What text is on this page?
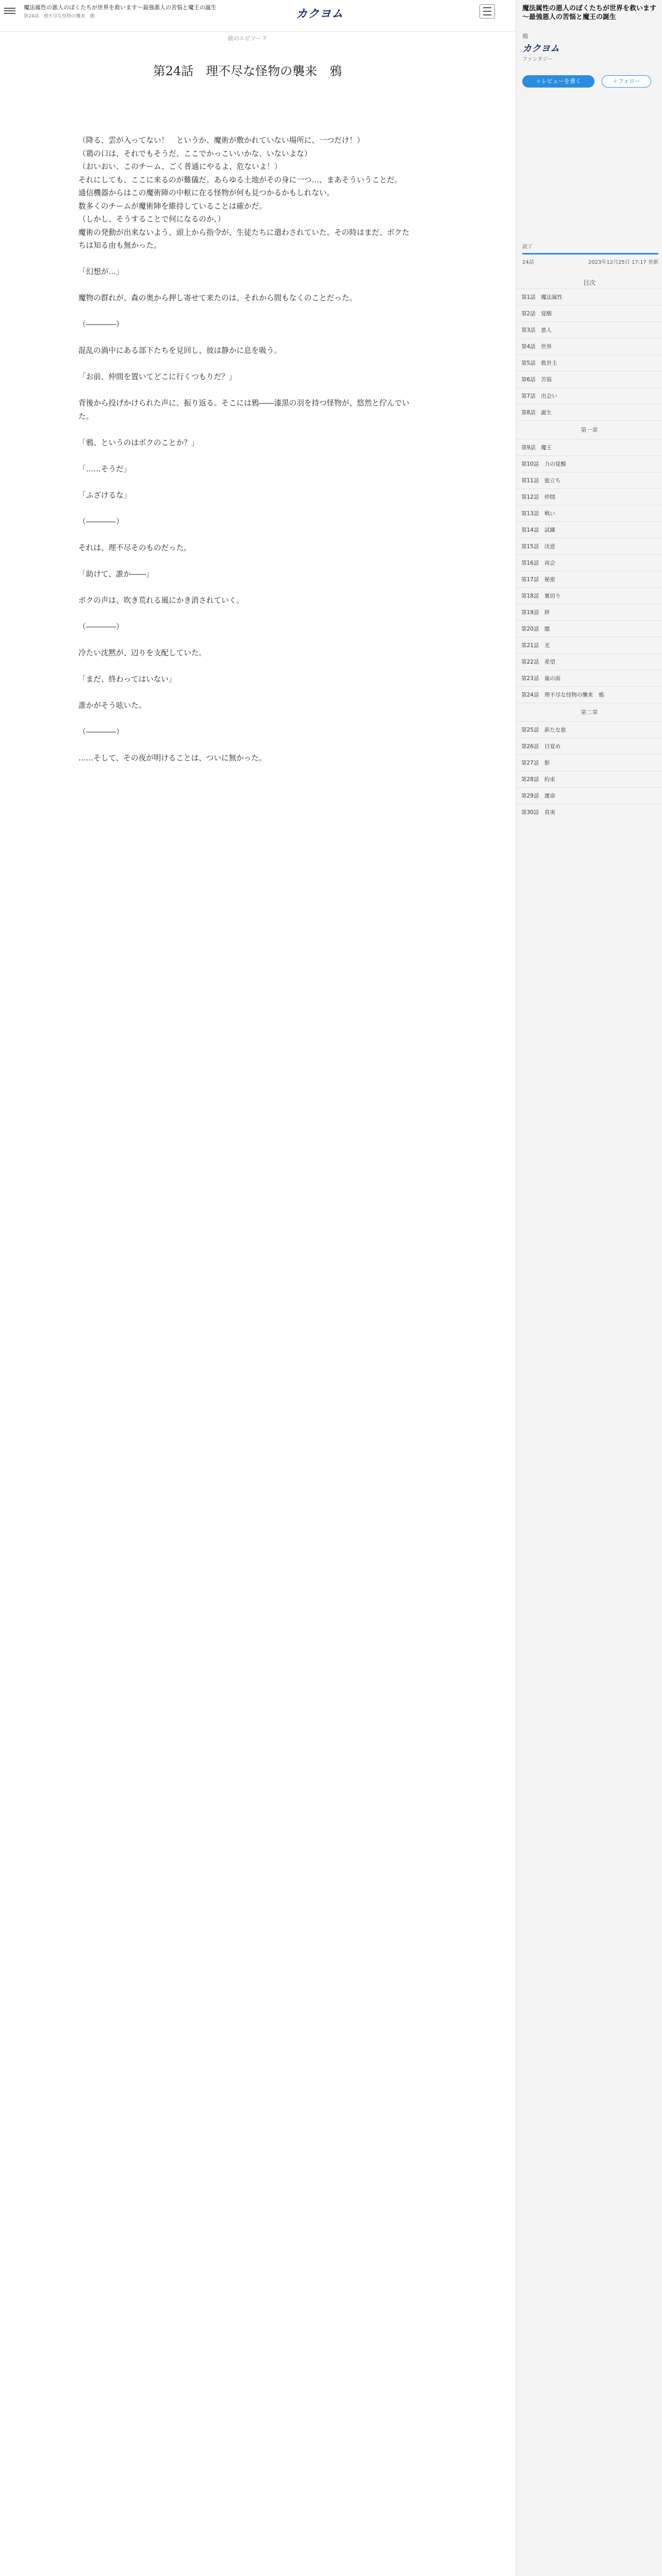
魔法属性の悪人のぼくたちが世界を救います～最強悪人の苦悩と魔王の誕生
第24話　理不尽な怪物の襲来　鴉	カクヨム
前のエピソード
第24話　理不尽な怪物の襲来　鴉
（降る、雲が入ってない！　というか、魔術が敷かれていない場所に、一つだけ！）
（鶏の口は、それでもそうだ、ここでかっこいいかな、いないよな）
（おいおい、このチーム、ごく普通にやるよ、危ないよ！）
それにしても、ここに来るのが難儀だ。あらゆる土地がその身に一つ…、まあそういうことだ。
通信機器からはこの魔術陣の中枢に在る怪物が何も見つかるかもしれない。
数多くのチームが魔術陣を維持していることは確かだ。
（しかし、そうすることで何になるのか、）
魔術の発動が出来ないよう、頭上から指令が、生徒たちに遣わされていた。その時はまだ、ボクたちは知る由も無かった。

「幻想が…」

魔物の群れが、森の奥から押し寄せて来たのは、それから間もなくのことだった。

（――――）

混乱の渦中にある部下たちを見回し、彼は静かに息を吸う。

「お前、仲間を置いてどこに行くつもりだ？」

背後から投げかけられた声に、振り返る。そこには鴉――漆黒の羽を持つ怪物が、悠然と佇んでいた。

「鴉、というのはボクのことか？」

「……そうだ」

「ふざけるな」

（――――）

それは、理不尽そのものだった。

「助けて、誰か――」

ボクの声は、吹き荒れる風にかき消されていく。

（――――）

冷たい沈黙が、辺りを支配していた。

「まだ、終わってはいない」

誰かがそう呟いた。

（――――）

……そして、その夜が明けることは、ついに無かった。
魔法属性の悪人のぼくたちが世界を救います～最強悪人の苦悩と魔王の誕生
鴉
カクヨム
ファンタジー
＋レビューを書く	＋フォロー
読了
24話	2023年12月25日 17:17 更新
目次
第1話　魔法属性
第2話　覚醒
第3話　悪人
第4話　世界
第5話　救世主
第6話　苦悩
第7話　出会い
第8話　誕生
第一章
第9話　魔王
第10話　力の覚醒
第11話　旅立ち
第12話　仲間
第13話　戦い
第14話　試練
第15話　決意
第16話　再会
第17話　秘密
第18話　裏切り
第19話　絆
第20話　闇
第21話　光
第22話　希望
第23話　嵐の前
第24話　理不尽な怪物の襲来　鴉
第二章
第25話　新たな旅
第26話　目覚め
第27話　影
第28話　約束
第29話　運命
第30話　真実
